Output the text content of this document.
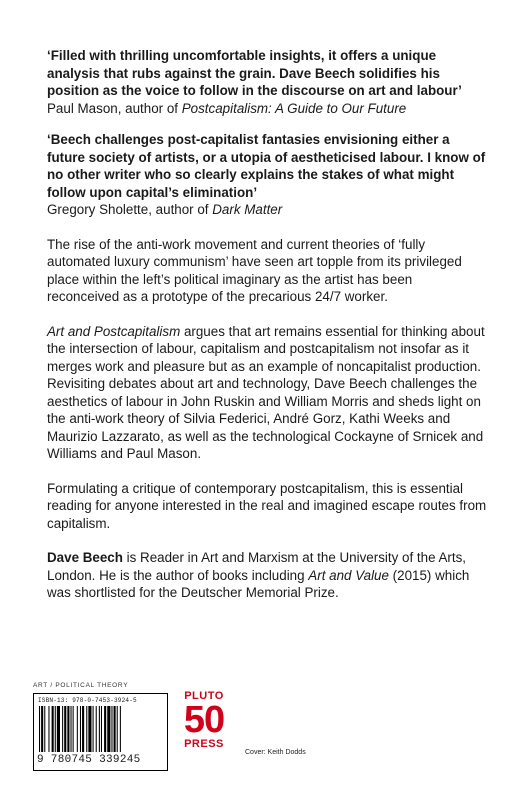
‘Filled with thrilling uncomfortable insights, it offers a unique analysis that rubs against the grain. Dave Beech solidifies his position as the voice to follow in the discourse on art and labour’

Paul Mason, author of Postcapitalism: A Guide to Our Future

‘Beech challenges post-capitalist fantasies envisioning either a future society of artists, or a utopia of aestheticised labour. I know of no other writer who so clearly explains the stakes of what might follow upon capital’s elimination’

Gregory Sholette, author of Dark Matter

The rise of the anti-work movement and current theories of ‘fully automated luxury communism’ have seen art topple from its privileged place within the left’s political imaginary as the artist has been reconceived as a prototype of the precarious 24/7 worker.

Art and Postcapitalism argues that art remains essential for thinking about the intersection of labour, capitalism and postcapitalism not insofar as it merges work and pleasure but as an example of noncapitalist production. Revisiting debates about art and technology, Dave Beech challenges the aesthetics of labour in John Ruskin and William Morris and sheds light on the anti-work theory of Silvia Federici, André Gorz, Kathi Weeks and Maurizio Lazzarato, as well as the technological Cockayne of Srnicek and Williams and Paul Mason.

Formulating a critique of contemporary postcapitalism, this is essential reading for anyone interested in the real and imagined escape routes from capitalism.

Dave Beech is Reader in Art and Marxism at the University of the Arts, London. He is the author of books including Art and Value (2015) which was shortlisted for the Deutscher Memorial Prize.

ART / POLITICAL THEORY
ISBN-13: 978-0-7453-3924-5
9 780745 339245
PLUTO
50
PRESS
Cover: Keith Dodds
